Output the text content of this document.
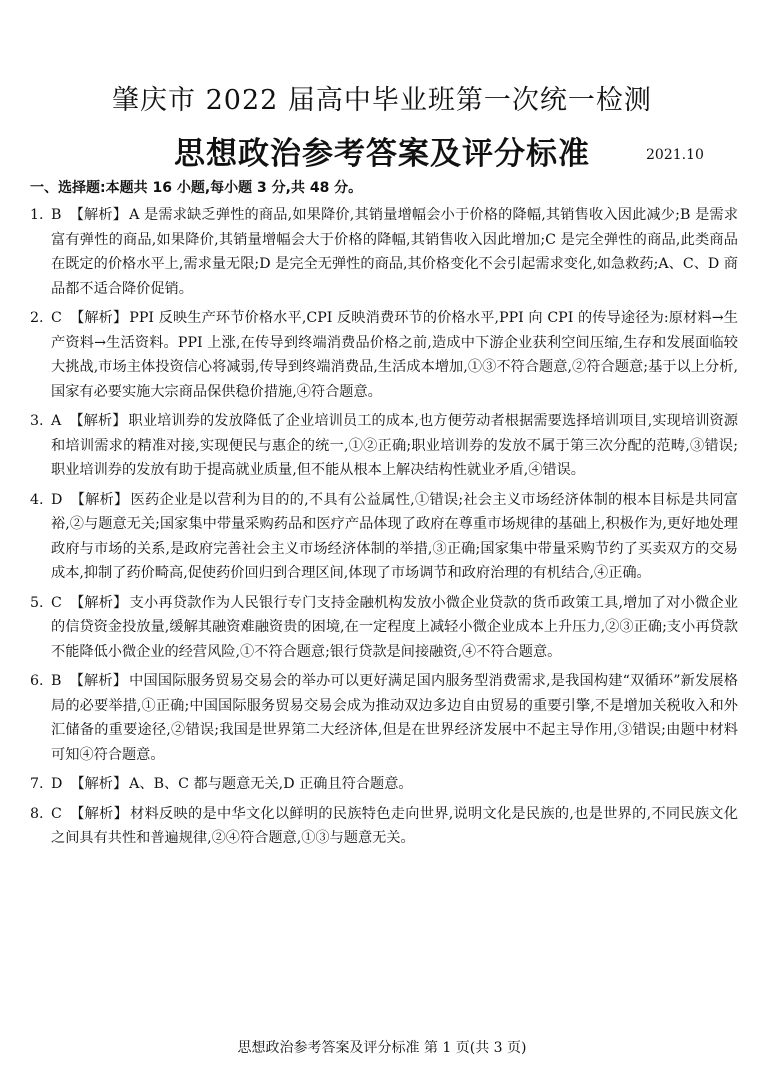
肇庆市 2022 届高中毕业班第一次统一检测
思想政治参考答案及评分标准	2021.10
一、选择题:本题共 16 小题,每小题 3 分,共 48 分。
1. B 【解析】 A 是需求缺乏弹性的商品,如果降价,其销量增幅会小于价格的降幅,其销售收入因此减少;B 是需求富有弹性的商品,如果降价,其销量增幅会大于价格的降幅,其销售收入因此增加;C 是完全弹性的商品,此类商品在既定的价格水平上,需求量无限;D 是完全无弹性的商品,其价格变化不会引起需求变化,如急救药;A、C、D 商品都不适合降价促销。
2. C 【解析】 PPI 反映生产环节价格水平,CPI 反映消费环节的价格水平,PPI 向 CPI 的传导途径为:原材料→生产资料→生活资料。PPI 上涨,在传导到终端消费品价格之前,造成中下游企业获利空间压缩,生存和发展面临较大挑战,市场主体投资信心将减弱,传导到终端消费品,生活成本增加,①③不符合题意,②符合题意;基于以上分析,国家有必要实施大宗商品保供稳价措施,④符合题意。
3. A 【解析】 职业培训券的发放降低了企业培训员工的成本,也方便劳动者根据需要选择培训项目,实现培训资源和培训需求的精准对接,实现便民与惠企的统一,①②正确;职业培训券的发放不属于第三次分配的范畴,③错误;职业培训券的发放有助于提高就业质量,但不能从根本上解决结构性就业矛盾,④错误。
4. D 【解析】 医药企业是以营利为目的的,不具有公益属性,①错误;社会主义市场经济体制的根本目标是共同富裕,②与题意无关;国家集中带量采购药品和医疗产品体现了政府在尊重市场规律的基础上,积极作为,更好地处理政府与市场的关系,是政府完善社会主义市场经济体制的举措,③正确;国家集中带量采购节约了买卖双方的交易成本,抑制了药价畸高,促使药价回归到合理区间,体现了市场调节和政府治理的有机结合,④正确。
5. C 【解析】 支小再贷款作为人民银行专门支持金融机构发放小微企业贷款的货币政策工具,增加了对小微企业的信贷资金投放量,缓解其融资难融资贵的困境,在一定程度上减轻小微企业成本上升压力,②③正确;支小再贷款不能降低小微企业的经营风险,①不符合题意;银行贷款是间接融资,④不符合题意。
6. B 【解析】 中国国际服务贸易交易会的举办可以更好满足国内服务型消费需求,是我国构建“双循环”新发展格局的必要举措,①正确;中国国际服务贸易交易会成为推动双边多边自由贸易的重要引擎,不是增加关税收入和外汇储备的重要途径,②错误;我国是世界第二大经济体,但是在世界经济发展中不起主导作用,③错误;由题中材料可知④符合题意。
7. D 【解析】 A、B、C 都与题意无关,D 正确且符合题意。
8. C 【解析】 材料反映的是中华文化以鲜明的民族特色走向世界,说明文化是民族的,也是世界的,不同民族文化之间具有共性和普遍规律,②④符合题意,①③与题意无关。
思想政治参考答案及评分标准 第 1 页(共 3 页)
